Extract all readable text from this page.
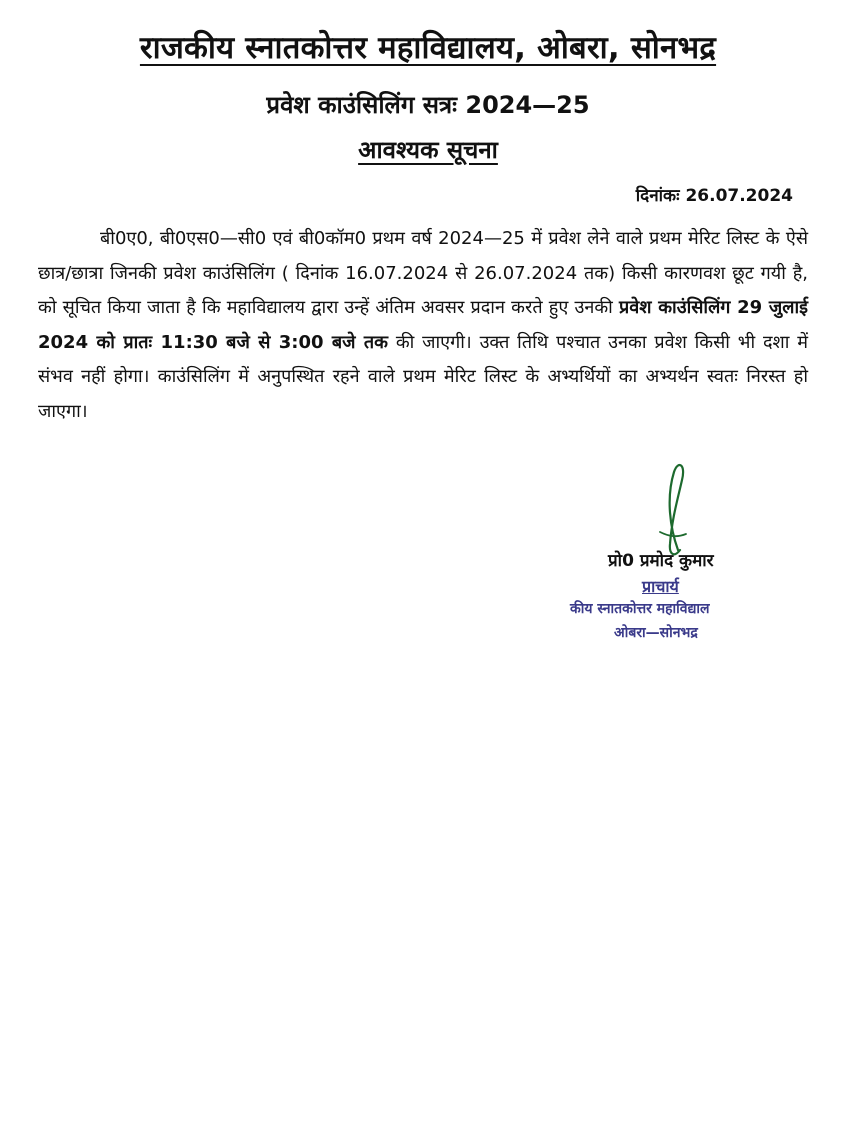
राजकीय स्नातकोत्तर महाविद्यालय, ओबरा, सोनभद्र
प्रवेश काउंसिलिंग सत्रः 2024—25
आवश्यक सूचना
दिनांकः 26.07.2024
बी0ए0, बी0एस0—सी0 एवं बी0कॉम0 प्रथम वर्ष 2024—25 में प्रवेश लेने वाले प्रथम मेरिट लिस्ट के ऐसे छात्र/छात्रा जिनकी प्रवेश काउंसिलिंग ( दिनांक 16.07.2024 से 26.07.2024 तक) किसी कारणवश छूट गयी है, को सूचित किया जाता है कि महाविद्यालय द्वारा उन्हें अंतिम अवसर प्रदान करते हुए उनकी प्रवेश काउंसिलिंग 29 जुलाई 2024 को प्रातः 11:30 बजे से 3:00 बजे तक की जाएगी। उक्त तिथि पश्चात उनका प्रवेश किसी भी दशा में संभव नहीं होगा। काउंसिलिंग में अनुपस्थित रहने वाले प्रथम मेरिट लिस्ट के अभ्यर्थियों का अभ्यर्थन स्वतः निरस्त हो जाएगा।
प्रो0 प्रमोद कुमार
प्राचार्य
कीय स्नातकोत्तर महाविद्याल
ओबरा—सोनभद्र
